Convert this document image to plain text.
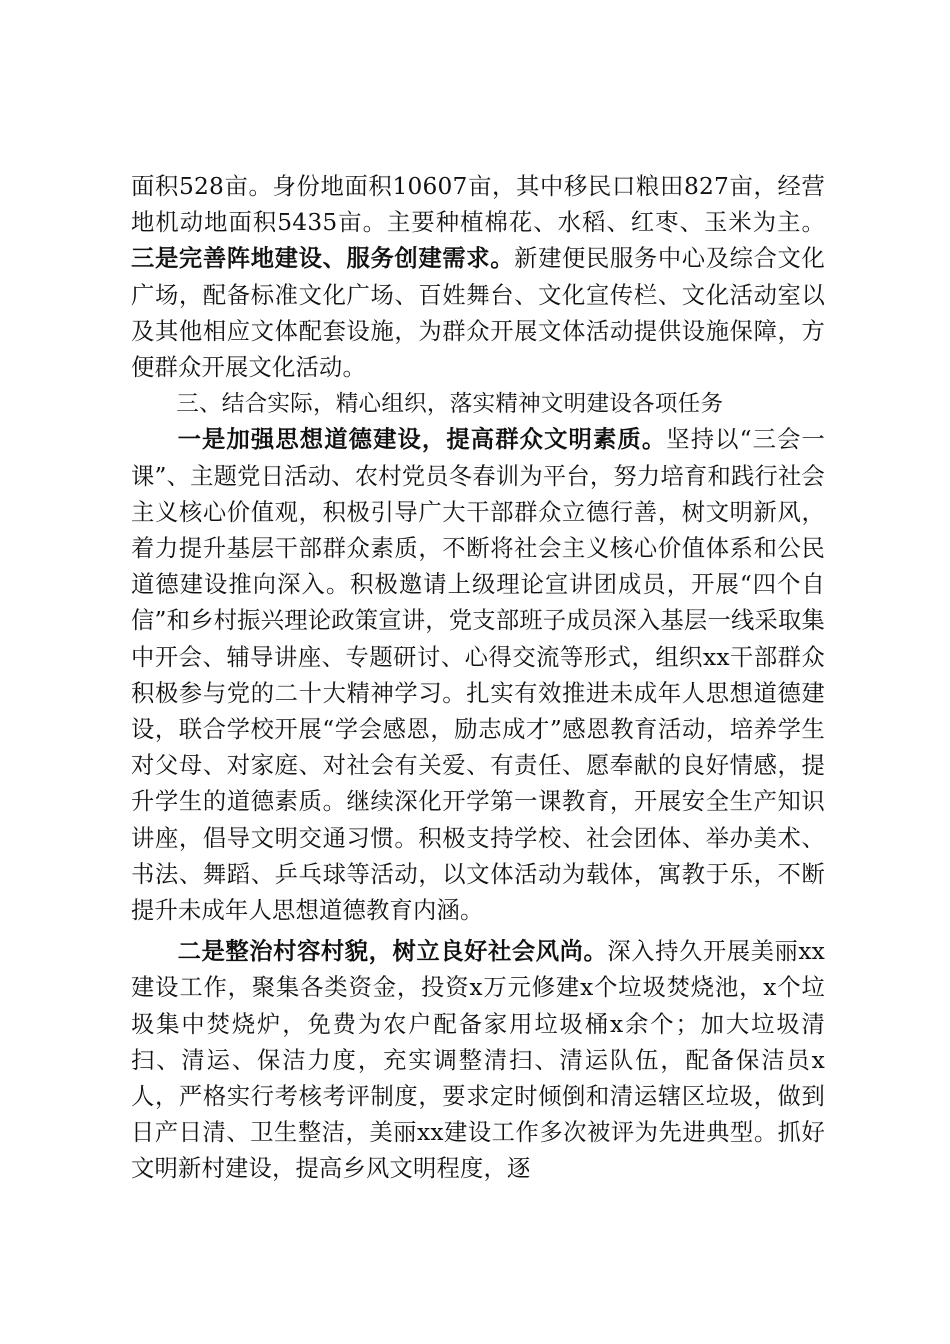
面积528亩。身份地面积10607亩，其中移民口粮田827亩，经营地机动地面积5435亩。主要种植棉花、水稻、红枣、玉米为主。三是完善阵地建设、服务创建需求。新建便民服务中心及综合文化广场，配备标准文化广场、百姓舞台、文化宣传栏、文化活动室以及其他相应文体配套设施，为群众开展文体活动提供设施保障，方便群众开展文化活动。

三、结合实际，精心组织，落实精神文明建设各项任务

一是加强思想道德建设，提高群众文明素质。坚持以“三会一课”、主题党日活动、农村党员冬春训为平台，努力培育和践行社会主义核心价值观，积极引导广大干部群众立德行善，树文明新风，着力提升基层干部群众素质，不断将社会主义核心价值体系和公民道德建设推向深入。积极邀请上级理论宣讲团成员，开展“四个自信”和乡村振兴理论政策宣讲，党支部班子成员深入基层一线采取集中开会、辅导讲座、专题研讨、心得交流等形式，组织xx干部群众积极参与党的二十大精神学习。扎实有效推进未成年人思想道德建设，联合学校开展“学会感恩，励志成才”感恩教育活动，培养学生对父母、对家庭、对社会有关爱、有责任、愿奉献的良好情感，提升学生的道德素质。继续深化开学第一课教育，开展安全生产知识讲座，倡导文明交通习惯。积极支持学校、社会团体、举办美术、书法、舞蹈、乒乓球等活动，以文体活动为载体，寓教于乐，不断提升未成年人思想道德教育内涵。

二是整治村容村貌，树立良好社会风尚。深入持久开展美丽xx建设工作，聚集各类资金，投资x万元修建x个垃圾焚烧池，x个垃圾集中焚烧炉，免费为农户配备家用垃圾桶x余个；加大垃圾清扫、清运、保洁力度，充实调整清扫、清运队伍，配备保洁员x人，严格实行考核考评制度，要求定时倾倒和清运辖区垃圾，做到日产日清、卫生整洁，美丽xx建设工作多次被评为先进典型。抓好文明新村建设，提高乡风文明程度，逐
